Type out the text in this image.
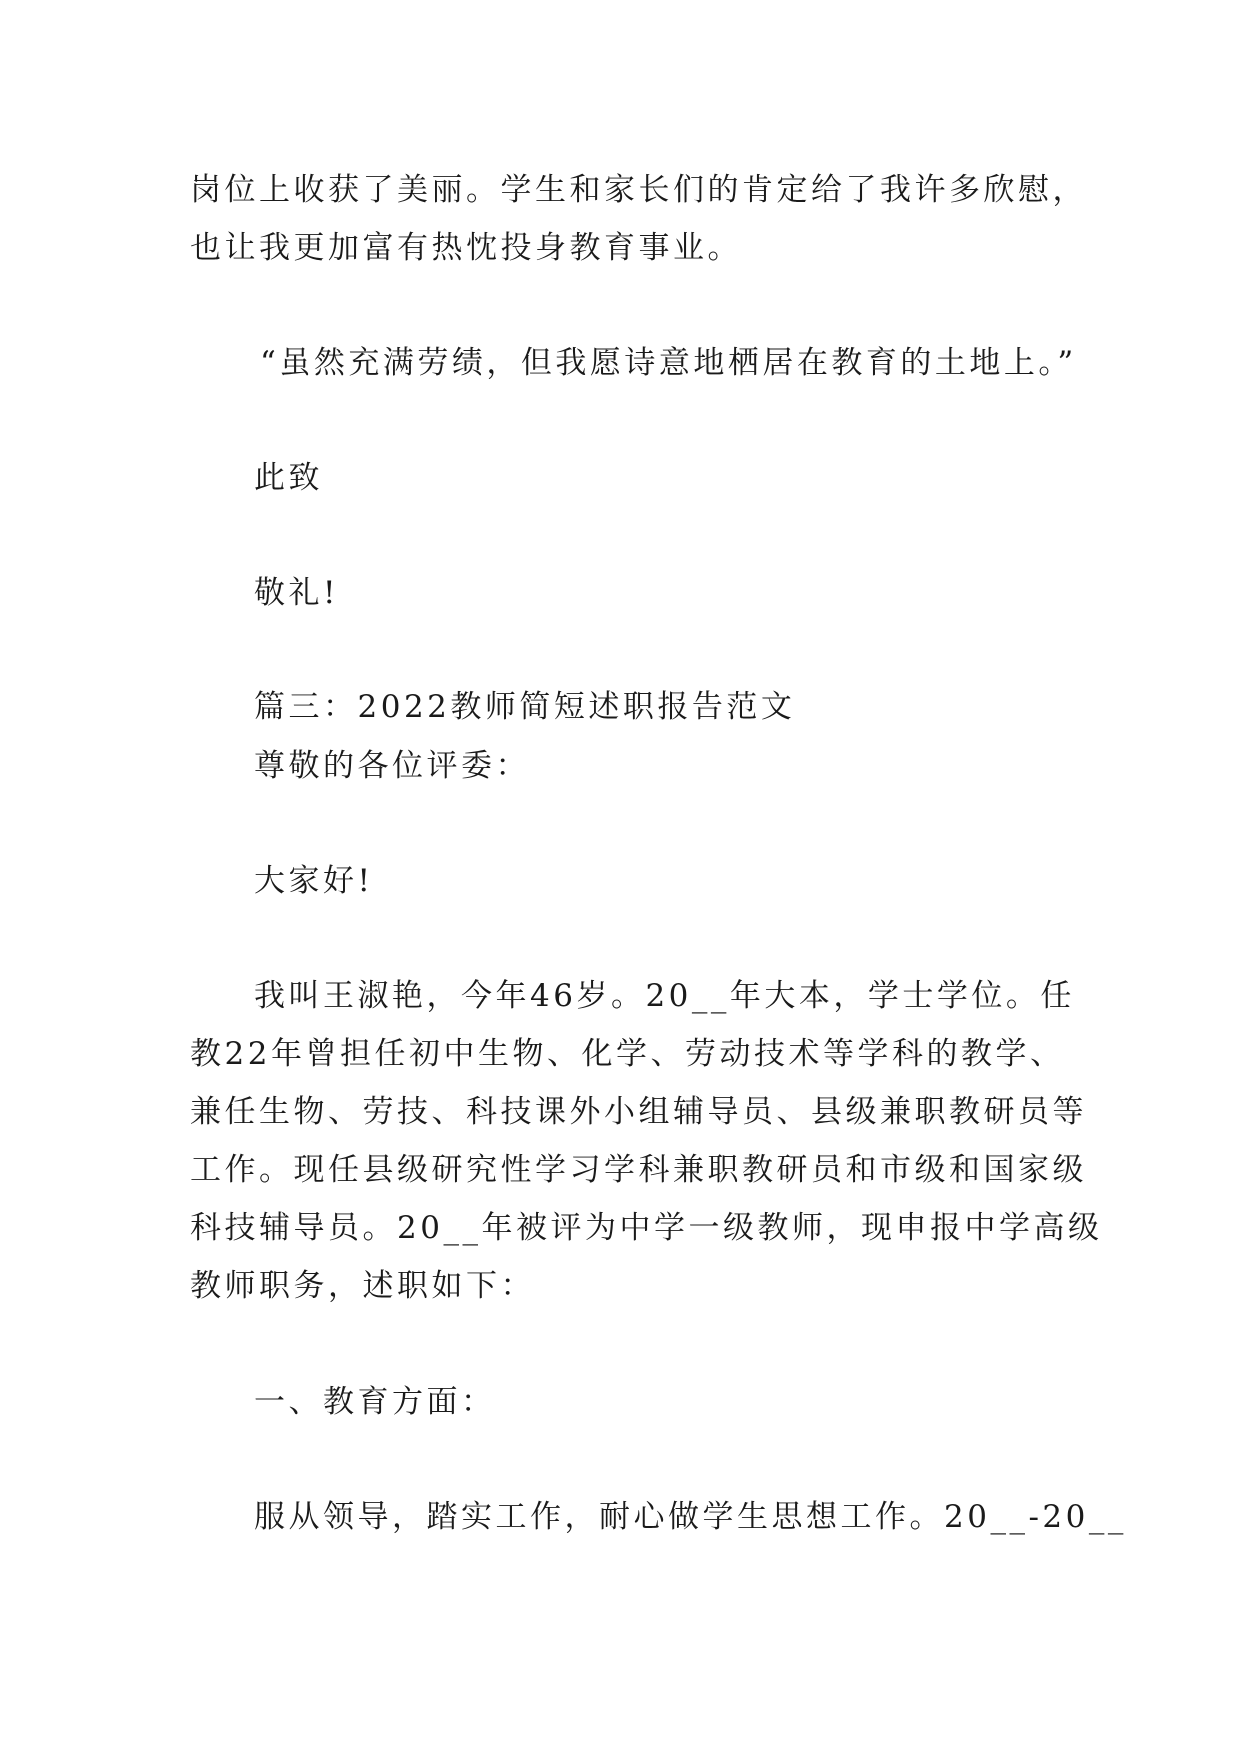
岗位上收获了美丽。学生和家长们的肯定给了我许多欣慰，
也让我更加富有热忱投身教育事业。
“虽然充满劳绩，但我愿诗意地栖居在教育的土地上。”
此致
敬礼!
篇三：2022教师简短述职报告范文
尊敬的各位评委：
大家好!
我叫王淑艳，今年46岁。20__年大本，学士学位。任
教22年曾担任初中生物、化学、劳动技术等学科的教学、
兼任生物、劳技、科技课外小组辅导员、县级兼职教研员等
工作。现任县级研究性学习学科兼职教研员和市级和国家级
科技辅导员。20__年被评为中学一级教师，现申报中学高级
教师职务，述职如下：
一、教育方面：
服从领导，踏实工作，耐心做学生思想工作。20__-20__
